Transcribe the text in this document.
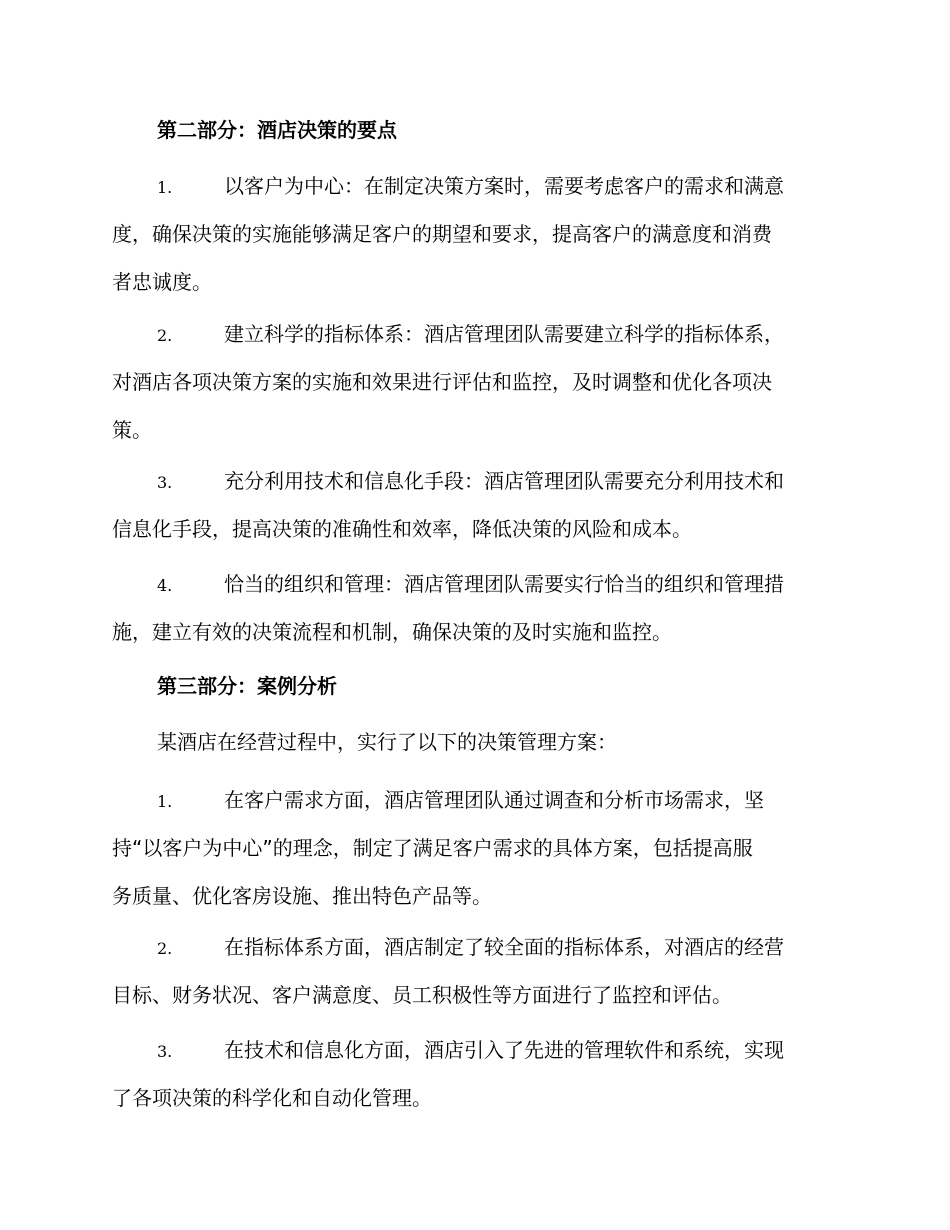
第二部分：酒店决策的要点
1.	以客户为中心：在制定决策方案时，需要考虑客户的需求和满意
度，确保决策的实施能够满足客户的期望和要求，提高客户的满意度和消费
者忠诚度。
2.	建立科学的指标体系：酒店管理团队需要建立科学的指标体系，
对酒店各项决策方案的实施和效果进行评估和监控，及时调整和优化各项决
策。
3.	充分利用技术和信息化手段：酒店管理团队需要充分利用技术和
信息化手段，提高决策的准确性和效率，降低决策的风险和成本。
4.	恰当的组织和管理：酒店管理团队需要实行恰当的组织和管理措
施，建立有效的决策流程和机制，确保决策的及时实施和监控。
第三部分：案例分析
某酒店在经营过程中，实行了以下的决策管理方案：
1.	在客户需求方面，酒店管理团队通过调查和分析市场需求，坚
持“以客户为中心”的理念，制定了满足客户需求的具体方案，包括提高服
务质量、优化客房设施、推出特色产品等。
2.	在指标体系方面，酒店制定了较全面的指标体系，对酒店的经营
目标、财务状况、客户满意度、员工积极性等方面进行了监控和评估。
3.	在技术和信息化方面，酒店引入了先进的管理软件和系统，实现
了各项决策的科学化和自动化管理。
